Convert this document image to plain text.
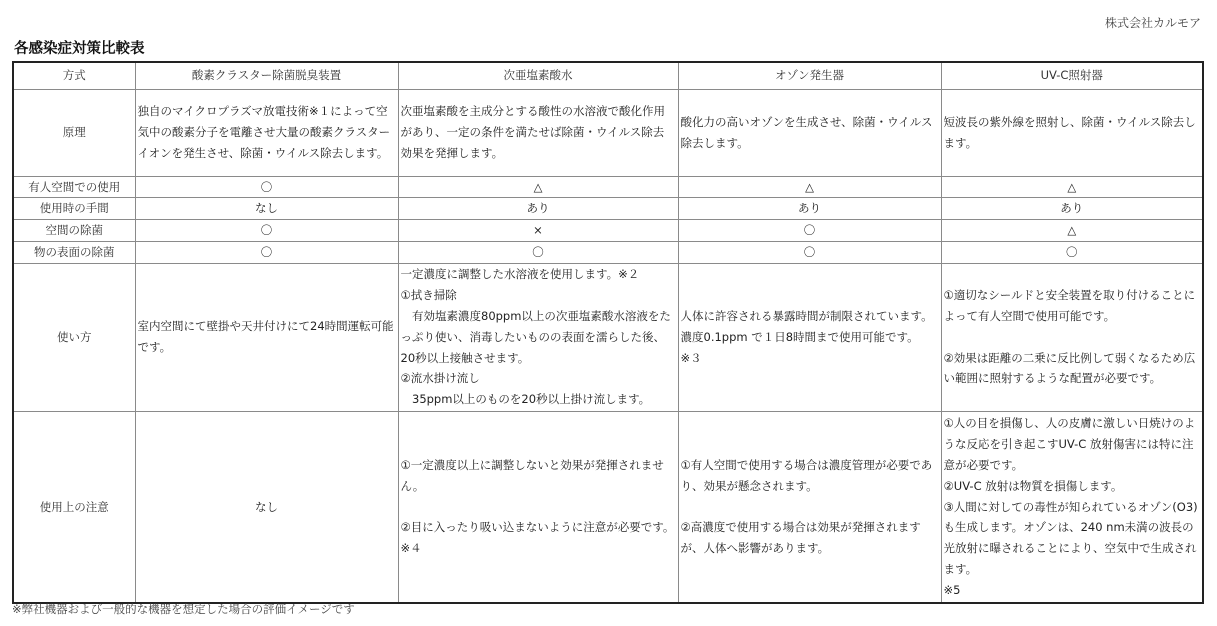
株式会社カルモア
各感染症対策比較表
方式	酸素クラスター除菌脱臭装置	次亜塩素酸水	オゾン発生器	UV-C照射器
原理	独自のマイクロプラズマ放電技術※１によって空気中の酸素分子を電離させ大量の酸素クラスターイオンを発生させ、除菌・ウイルス除去します。	次亜塩素酸を主成分とする酸性の水溶液で酸化作用があり、一定の条件を満たせば除菌・ウイルス除去効果を発揮します。	酸化力の高いオゾンを生成させ、除菌・ウイルス除去します。	短波長の紫外線を照射し、除菌・ウイルス除去します。
有人空間での使用	〇	△	△	△
使用時の手間	なし	あり	あり	あり
空間の除菌	〇	×	〇	△
物の表面の除菌	〇	〇	〇	〇
使い方	室内空間にて壁掛や天井付けにて24時間運転可能です。	一定濃度に調整した水溶液を使用します。※２
①拭き掃除
　有効塩素濃度80ppm以上の次亜塩素酸水溶液をたっぷり使い、消毒したいものの表面を濡らした後、20秒以上接触させます。
②流水掛け流し
　35ppm以上のものを20秒以上掛け流します。	人体に許容される暴露時間が制限されています。
濃度0.1ppm で１日8時間まで使用可能です。
※３	①適切なシールドと安全装置を取り付けることによって有人空間で使用可能です。

②効果は距離の二乗に反比例して弱くなるため広い範囲に照射するような配置が必要です。
使用上の注意	なし	①一定濃度以上に調整しないと効果が発揮されません。

②目に入ったり吸い込まないように注意が必要です。
※４	①有人空間で使用する場合は濃度管理が必要であり、効果が懸念されます。

②高濃度で使用する場合は効果が発揮されますが、人体へ影響があります。	①人の目を損傷し、人の皮膚に激しい日焼けのような反応を引き起こすUV-C 放射傷害には特に注意が必要です。
②UV-C 放射は物質を損傷します。
③人間に対しての毒性が知られているオゾン(O3)も生成します。オゾンは、240 nm未満の波長の光放射に曝されることにより、空気中で生成されます。
※5
※弊社機器および一般的な機器を想定した場合の評価イメージです
